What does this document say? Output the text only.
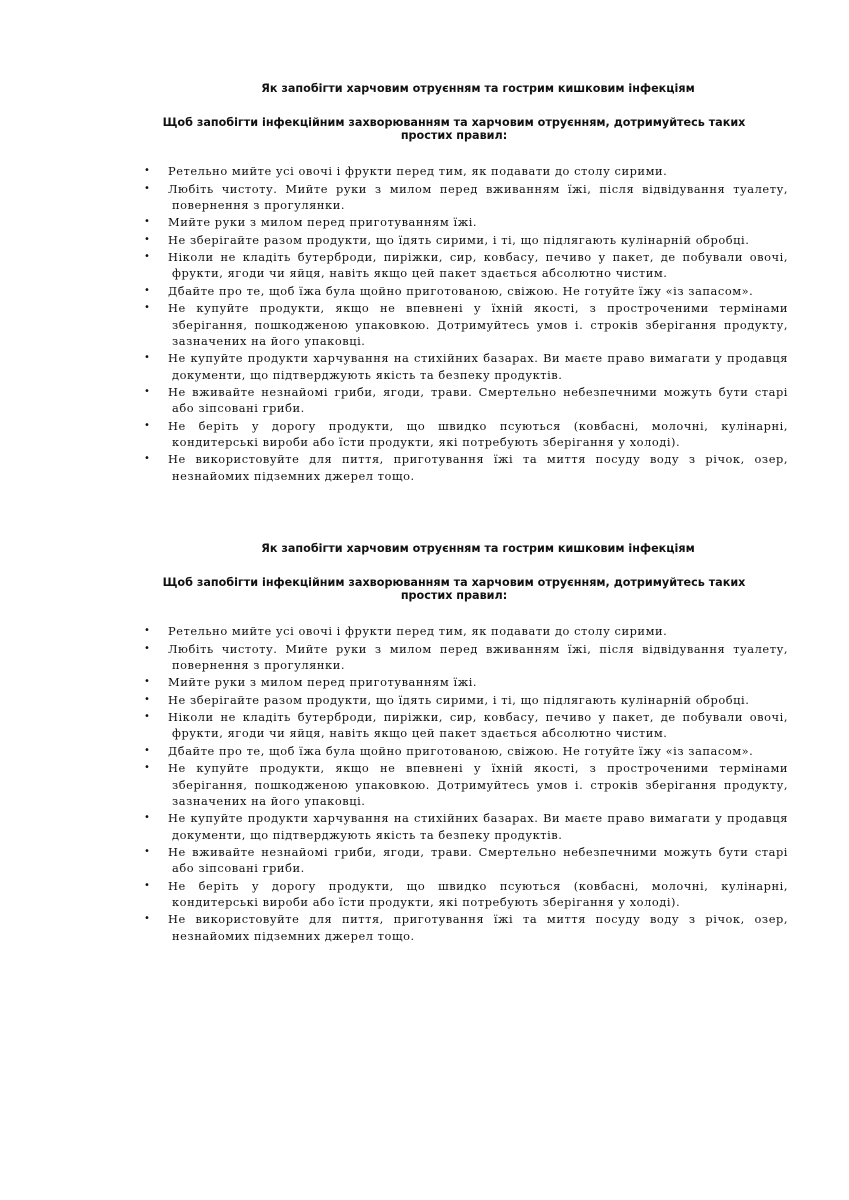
Як запобігти харчовим отруєнням та гострим кишковим інфекціям
Щоб запобігти інфекційним захворюванням та харчовим отруєнням, дотримуйтесь таких простих правил:
• Ретельно мийте усі овочі і фрукти перед тим, як подавати до столу сирими.
• Любіть чистоту. Мийте руки з милом перед вживанням їжі, після відвідування туалету, повернення з прогулянки.
• Мийте руки з милом перед приготуванням їжі.
• Не зберігайте разом продукти, що їдять сирими, і ті, що підлягають кулінарній обробці.
• Ніколи не кладіть бутерброди, пиріжки, сир, ковбасу, печиво у пакет, де побували овочі, фрукти, ягоди чи яйця, навіть якщо цей пакет здається абсолютно чистим.
• Дбайте про те, щоб їжа була щойно приготованою, свіжою. Не готуйте їжу «із запасом».
• Не купуйте продукти, якщо не впевнені у їхній якості, з простроченими термінами зберігання, пошкодженою упаковкою. Дотримуйтесь умов і. строків зберігання продукту, зазначених на його упаковці.
• Не купуйте продукти харчування на стихійних базарах. Ви маєте право вимагати у продавця документи, що підтверджують якість та безпеку продуктів.
• Не вживайте незнайомі гриби, ягоди, трави. Смертельно небезпечними можуть бути старі або зіпсовані гриби.
• Не беріть у дорогу продукти, що швидко псуються (ковбасні, молочні, кулінарні, кондитерські вироби або їсти продукти, які потребують зберігання у холоді).
• Не використовуйте для пиття, приготування їжі та миття посуду воду з річок, озер, незнайомих підземних джерел тощо.
Як запобігти харчовим отруєнням та гострим кишковим інфекціям
Щоб запобігти інфекційним захворюванням та харчовим отруєнням, дотримуйтесь таких простих правил:
• Ретельно мийте усі овочі і фрукти перед тим, як подавати до столу сирими.
• Любіть чистоту. Мийте руки з милом перед вживанням їжі, після відвідування туалету, повернення з прогулянки.
• Мийте руки з милом перед приготуванням їжі.
• Не зберігайте разом продукти, що їдять сирими, і ті, що підлягають кулінарній обробці.
• Ніколи не кладіть бутерброди, пиріжки, сир, ковбасу, печиво у пакет, де побували овочі, фрукти, ягоди чи яйця, навіть якщо цей пакет здається абсолютно чистим.
• Дбайте про те, щоб їжа була щойно приготованою, свіжою. Не готуйте їжу «із запасом».
• Не купуйте продукти, якщо не впевнені у їхній якості, з простроченими термінами зберігання, пошкодженою упаковкою. Дотримуйтесь умов і. строків зберігання продукту, зазначених на його упаковці.
• Не купуйте продукти харчування на стихійних базарах. Ви маєте право вимагати у продавця документи, що підтверджують якість та безпеку продуктів.
• Не вживайте незнайомі гриби, ягоди, трави. Смертельно небезпечними можуть бути старі або зіпсовані гриби.
• Не беріть у дорогу продукти, що швидко псуються (ковбасні, молочні, кулінарні, кондитерські вироби або їсти продукти, які потребують зберігання у холоді).
• Не використовуйте для пиття, приготування їжі та миття посуду воду з річок, озер, незнайомих підземних джерел тощо.
